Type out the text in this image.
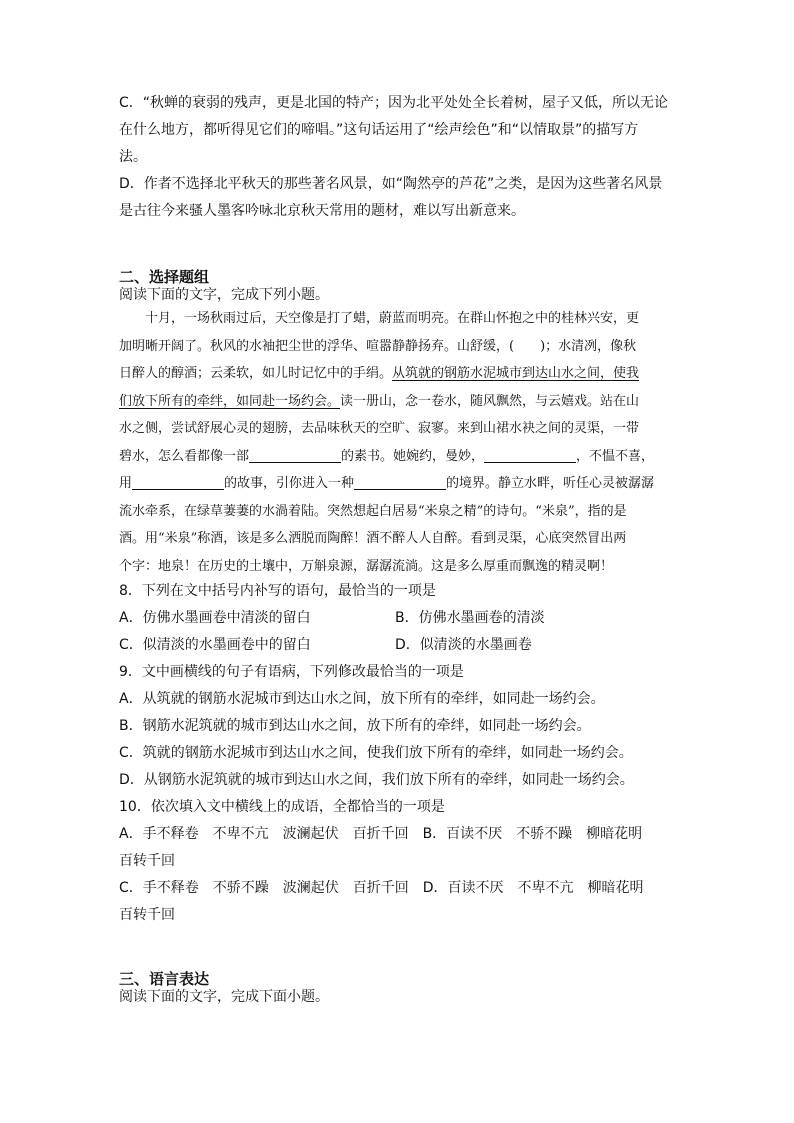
C．“秋蝉的衰弱的残声，更是北国的特产；因为北平处处全长着树，屋子又低，所以无论
在什么地方，都听得见它们的啼唱。”这句话运用了“绘声绘色”和“以情取景”的描写方
法。
D．作者不选择北平秋天的那些著名风景，如“陶然亭的芦花”之类，是因为这些著名风景
是古往今来骚人墨客吟咏北京秋天常用的题材，难以写出新意来。
二、选择题组
阅读下面的文字，完成下列小题。
十月，一场秋雨过后，天空像是打了蜡，蔚蓝而明亮。在群山怀抱之中的桂林兴安，更
加明晰开阔了。秋风的水袖把尘世的浮华、喧嚣静静扬弃。山舒缓，(　　)；水清冽，像秋
日醉人的醇酒；云柔软，如儿时记忆中的手绢。从筑就的钢筋水泥城市到达山水之间，使我
们放下所有的牵绊，如同赴一场约会。读一册山，念一卷水，随风飘然，与云嬉戏。站在山
水之侧，尝试舒展心灵的翅膀，去品味秋天的空旷、寂寥。来到山裙水袂之间的灵渠，一带
碧水，怎么看都像一部	的素书。她婉约，曼妙，	，不愠不喜，
用	的故事，引你进入一种	的境界。静立水畔，听任心灵被潺潺
流水牵系，在绿草萋萋的水渦着陆。突然想起白居易“米泉之精”的诗句。“米泉”，指的是
酒。用“米泉”称酒，该是多么洒脱而陶醉！酒不醉人人自醉。看到灵渠，心底突然冒出两
个字：地泉！在历史的土壤中，万斛泉源，潺潺流淌。这是多么厚重而飘逸的精灵啊！
8．下列在文中括号内补写的语句，最恰当的一项是
A．仿佛水墨画卷中清淡的留白	B．仿佛水墨画卷的清淡
C．似清淡的水墨画卷中的留白	D．似清淡的水墨画卷
9．文中画横线的句子有语病，下列修改最恰当的一项是
A．从筑就的钢筋水泥城市到达山水之间，放下所有的牵绊，如同赴一场约会。
B．钢筋水泥筑就的城市到达山水之间，放下所有的牵绊，如同赴一场约会。
C．筑就的钢筋水泥城市到达山水之间，使我们放下所有的牵绊，如同赴一场约会。
D．从钢筋水泥筑就的城市到达山水之间，我们放下所有的牵绊，如同赴一场约会。
10．依次填入文中横线上的成语，全都恰当的一项是
A．手不释卷　不卑不亢　波澜起伏　百折千回　B．百读不厌　不骄不躁　柳暗花明
百转千回
C．手不释卷　不骄不躁　波澜起伏　百折千回　D．百读不厌　不卑不亢　柳暗花明
百转千回
三、语言表达
阅读下面的文字，完成下面小题。
